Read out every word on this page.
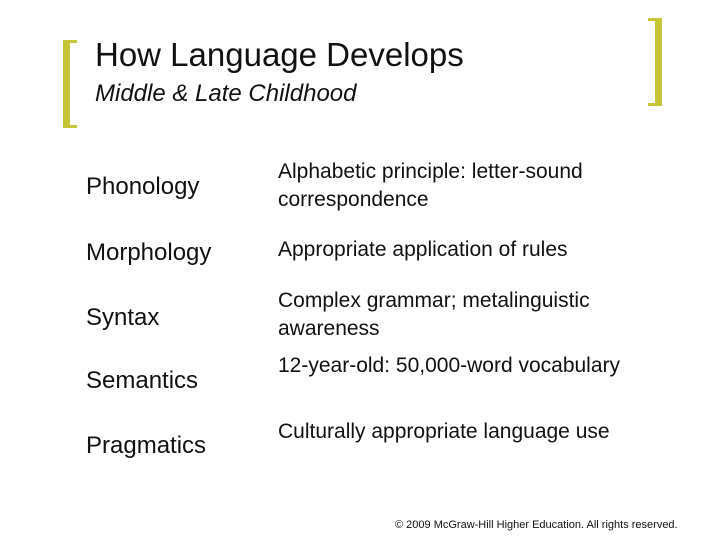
How Language Develops
Middle & Late Childhood
Phonology
Alphabetic principle: letter-sound correspondence
Morphology	Appropriate application of rules
Syntax
Complex grammar; metalinguistic awareness
Semantics
12-year-old: 50,000-word vocabulary
Pragmatics
Culturally appropriate language use
© 2009 McGraw-Hill Higher Education. All rights reserved.
